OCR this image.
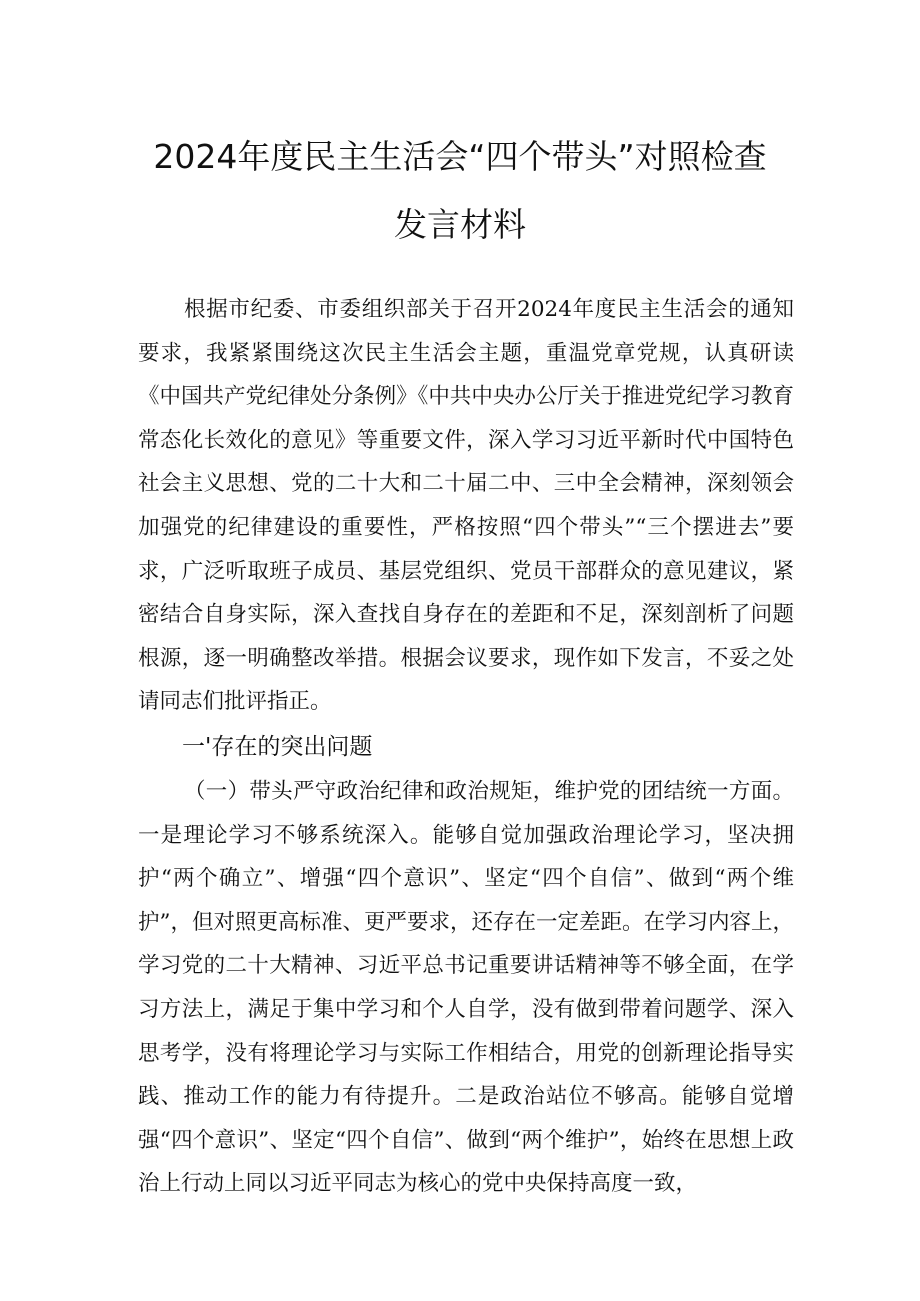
2024年度民主生活会“四个带头”对照检查
发言材料

根据市纪委、市委组织部关于召开2024年度民主生活会的通知要求，我紧紧围绕这次民主生活会主题，重温党章党规，认真研读《中国共产党纪律处分条例》《中共中央办公厅关于推进党纪学习教育常态化长效化的意见》等重要文件，深入学习习近平新时代中国特色社会主义思想、党的二十大和二十届二中、三中全会精神，深刻领会加强党的纪律建设的重要性，严格按照“四个带头”“三个摆进去”要求，广泛听取班子成员、基层党组织、党员干部群众的意见建议，紧密结合自身实际，深入查找自身存在的差距和不足，深刻剖析了问题根源，逐一明确整改举措。根据会议要求，现作如下发言，不妥之处请同志们批评指正。

一'存在的突出问题

（一）带头严守政治纪律和政治规矩，维护党的团结统一方面。一是理论学习不够系统深入。能够自觉加强政治理论学习，坚决拥护“两个确立”、增强“四个意识”、坚定“四个自信”、做到“两个维护”，但对照更高标准、更严要求，还存在一定差距。在学习内容上，学习党的二十大精神、习近平总书记重要讲话精神等不够全面，在学习方法上，满足于集中学习和个人自学，没有做到带着问题学、深入思考学，没有将理论学习与实际工作相结合，用党的创新理论指导实践、推动工作的能力有待提升。二是政治站位不够高。能够自觉增强“四个意识”、坚定“四个自信”、做到“两个维护”，始终在思想上政治上行动上同以习近平同志为核心的党中央保持高度一致，
